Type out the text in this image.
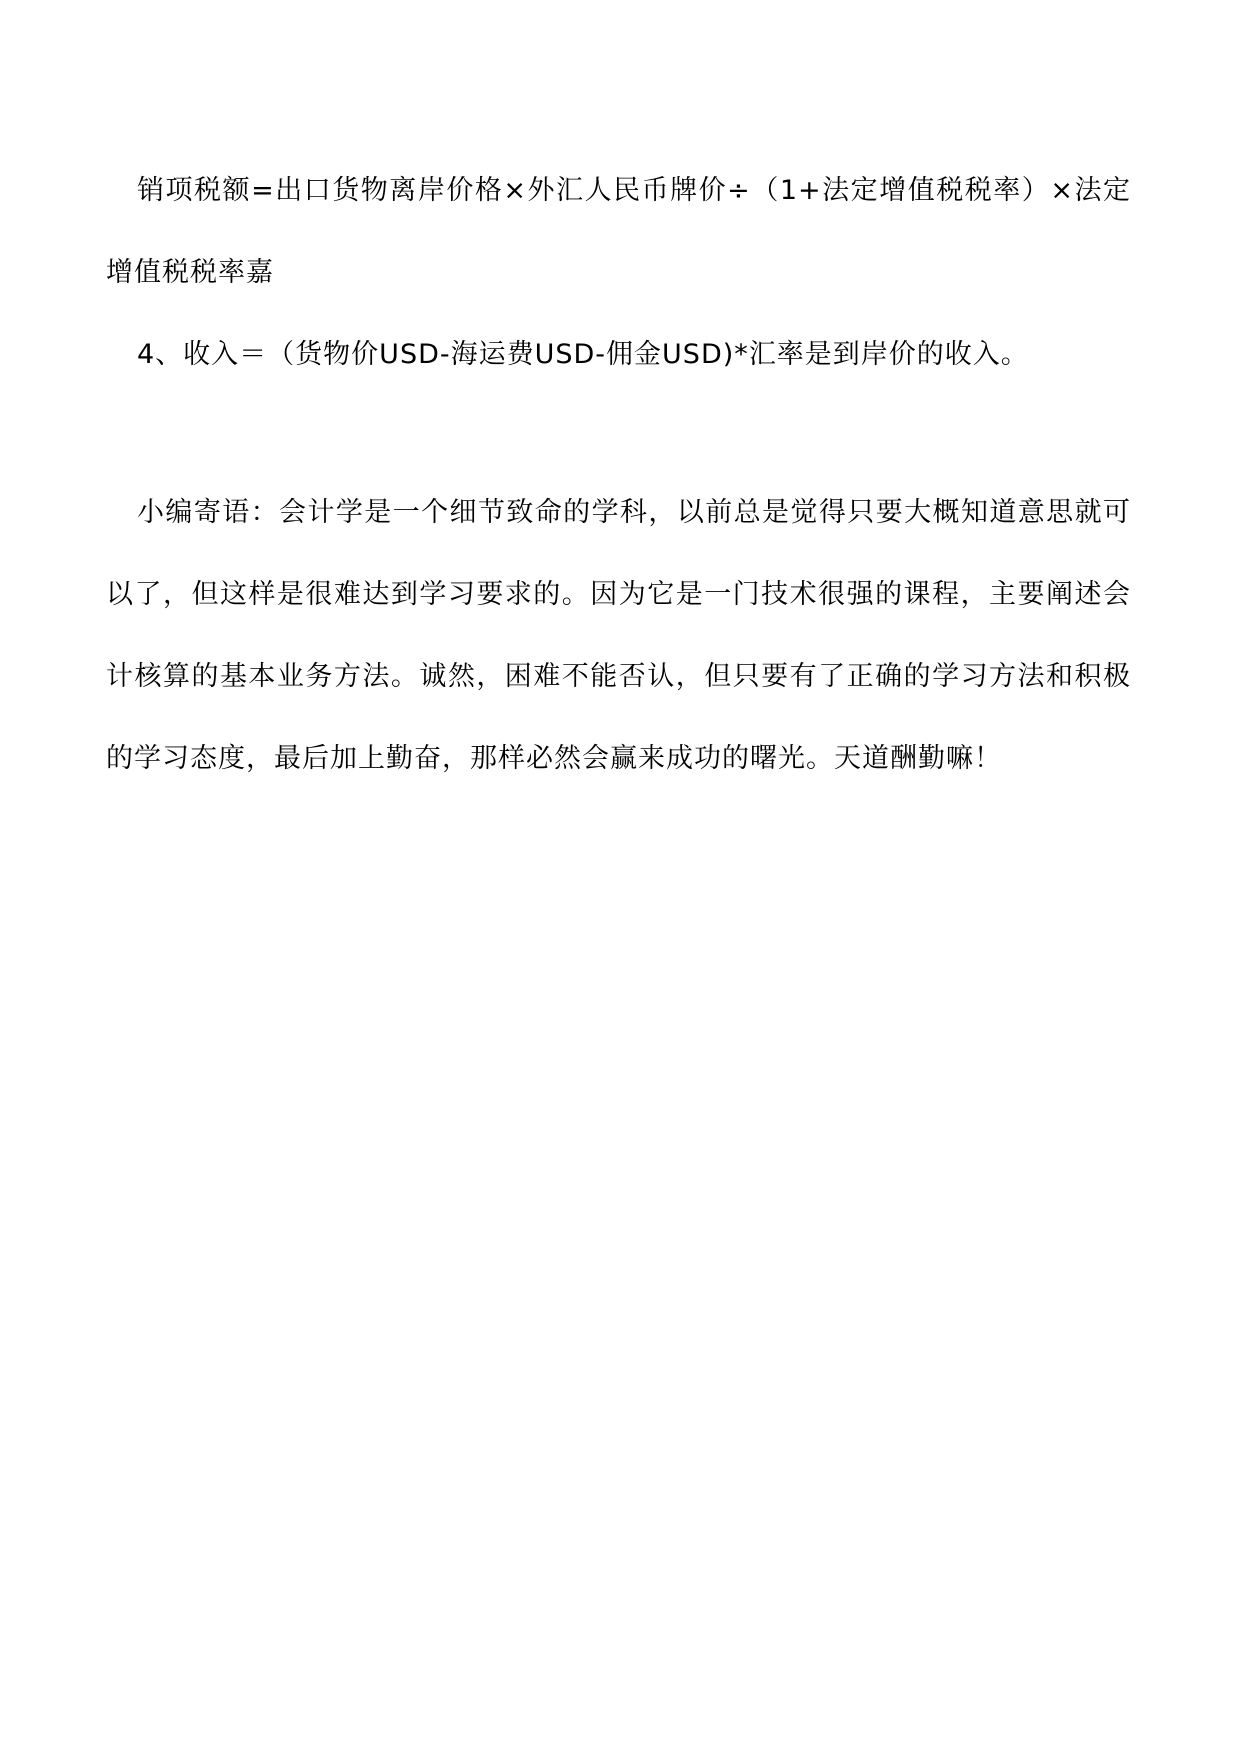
销项税额=出口货物离岸价格×外汇人民币牌价÷（1+法定增值税税率）×法定增值税税率嘉

4、收入＝（货物价USD-海运费USD-佣金USD)*汇率是到岸价的收入。

小编寄语：会计学是一个细节致命的学科，以前总是觉得只要大概知道意思就可以了，但这样是很难达到学习要求的。因为它是一门技术很强的课程，主要阐述会计核算的基本业务方法。诚然，困难不能否认，但只要有了正确的学习方法和积极的学习态度，最后加上勤奋，那样必然会赢来成功的曙光。天道酬勤嘛！
